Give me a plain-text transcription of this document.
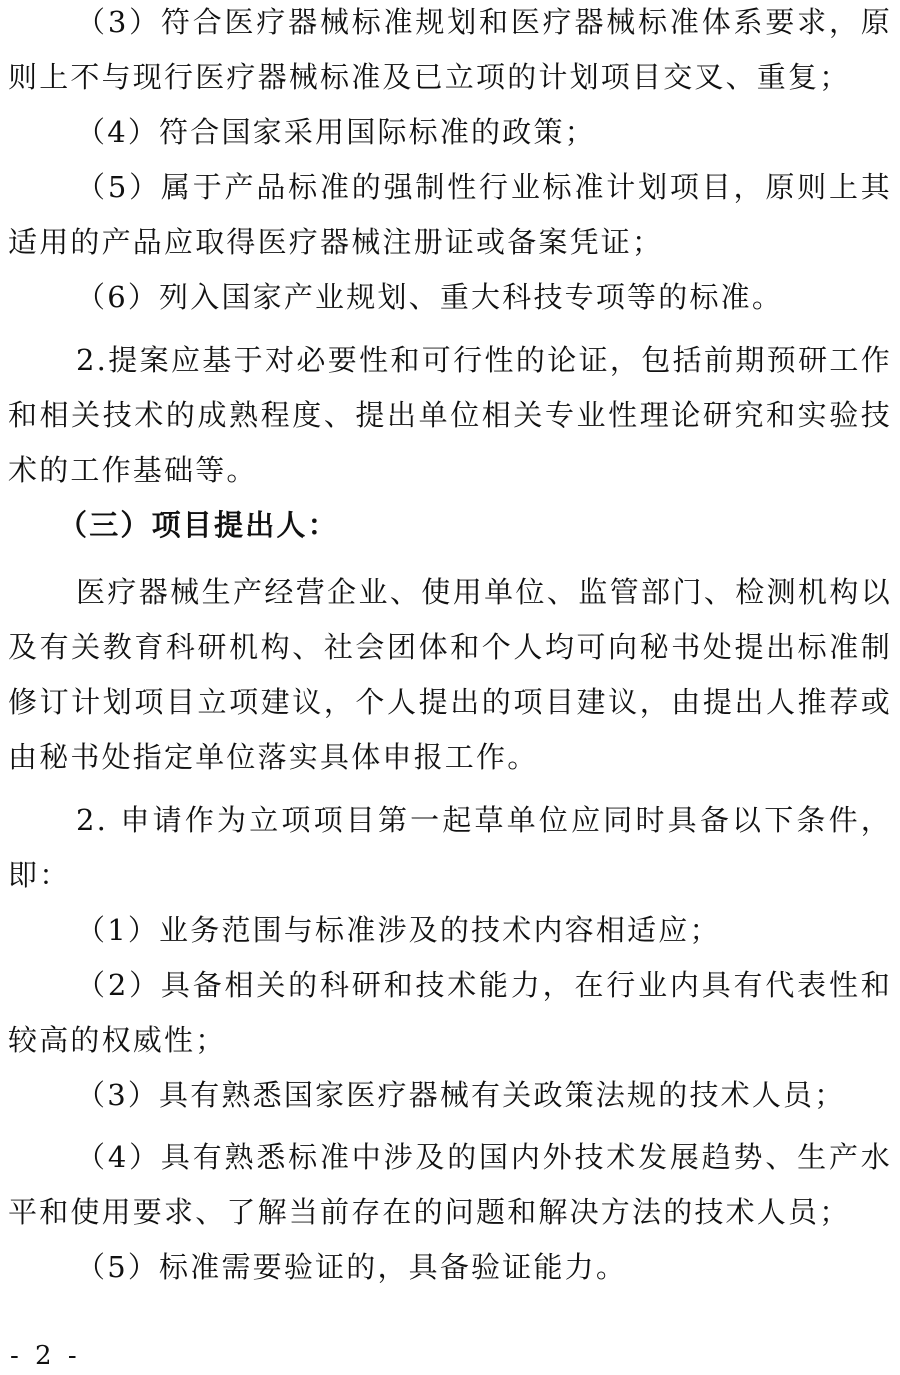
（3）符合医疗器械标准规划和医疗器械标准体系要求，原则上不与现行医疗器械标准及已立项的计划项目交叉、重复；

（4）符合国家采用国际标准的政策；

（5）属于产品标准的强制性行业标准计划项目，原则上其适用的产品应取得医疗器械注册证或备案凭证；

（6）列入国家产业规划、重大科技专项等的标准。

2.提案应基于对必要性和可行性的论证，包括前期预研工作和相关技术的成熟程度、提出单位相关专业性理论研究和实验技术的工作基础等。

（三）项目提出人：

医疗器械生产经营企业、使用单位、监管部门、检测机构以及有关教育科研机构、社会团体和个人均可向秘书处提出标准制修订计划项目立项建议，个人提出的项目建议，由提出人推荐或由秘书处指定单位落实具体申报工作。

2. 申请作为立项项目第一起草单位应同时具备以下条件，即：

（1）业务范围与标准涉及的技术内容相适应；

（2）具备相关的科研和技术能力，在行业内具有代表性和较高的权威性；

（3）具有熟悉国家医疗器械有关政策法规的技术人员；

（4）具有熟悉标准中涉及的国内外技术发展趋势、生产水平和使用要求、了解当前存在的问题和解决方法的技术人员；

（5）标准需要验证的，具备验证能力。

- 2 -
